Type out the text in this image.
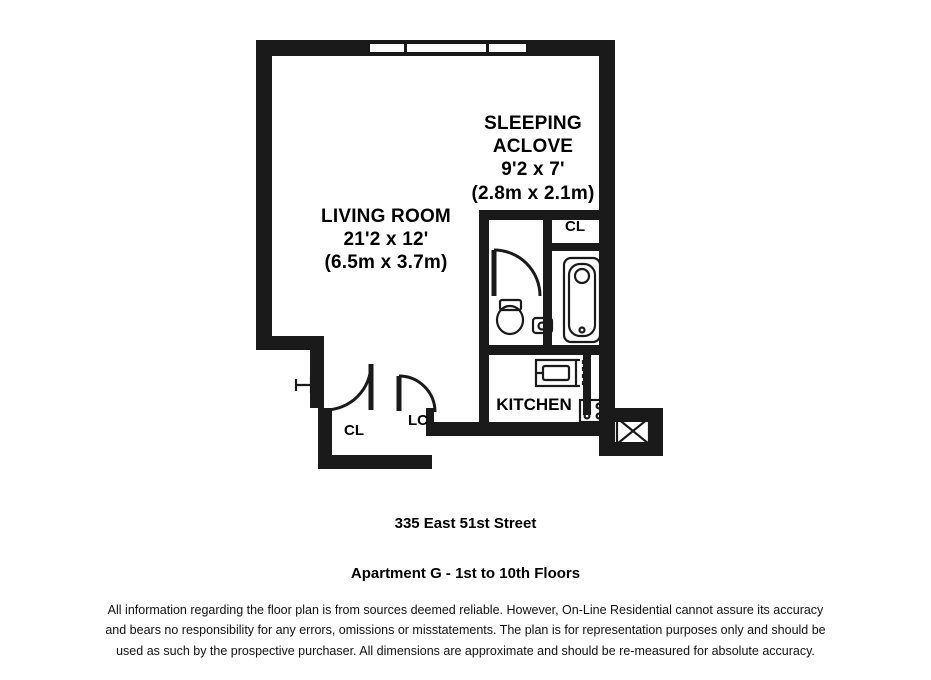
SLEEPING
ACLOVE
9'2 x 7'
(2.8m x 2.1m)
LIVING ROOM
21'2 x 12'
(6.5m x 3.7m)
KITCHEN
CL
CL
LC

335 East 51st Street

Apartment G - 1st to 10th Floors

All information regarding the floor plan is from sources deemed reliable. However, On-Line Residential cannot assure its accuracy
and bears no responsibility for any errors, omissions or misstatements. The plan is for representation purposes only and should be
used as such by the prospective purchaser. All dimensions are approximate and should be re-measured for absolute accuracy.
